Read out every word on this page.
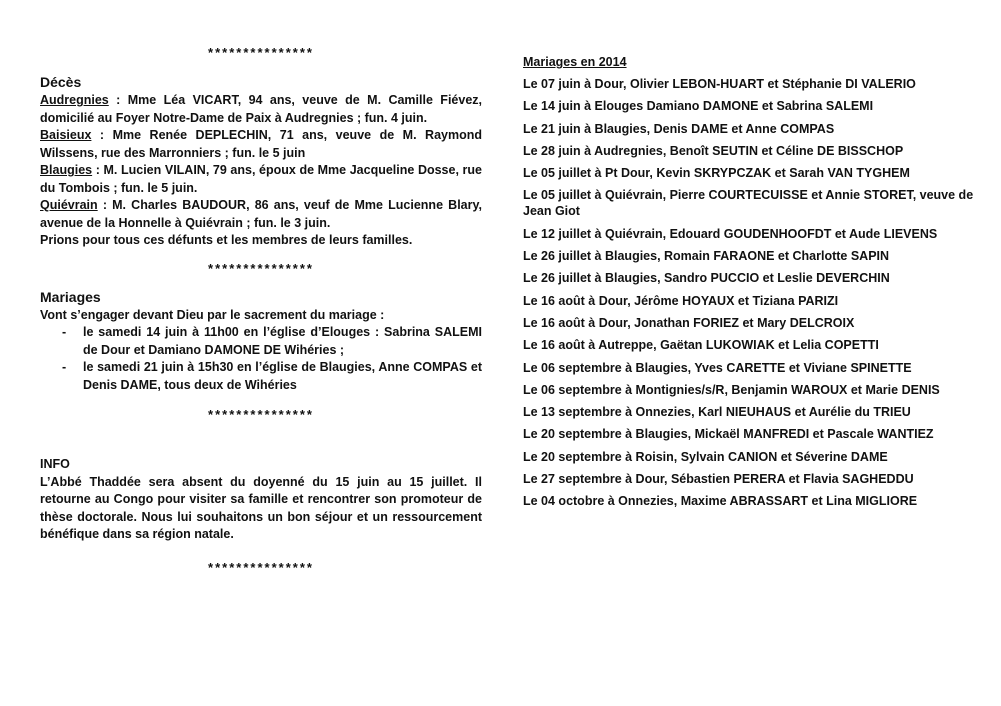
***************
Décès

Audregnies : Mme Léa VICART, 94 ans, veuve de M. Camille Fiévez, domicilié au Foyer Notre-Dame de Paix à Audregnies ; fun. 4 juin.

Baisieux : Mme Renée DEPLECHIN, 71 ans, veuve de M. Raymond Wilssens, rue des Marronniers ; fun. le 5 juin

Blaugies : M. Lucien VILAIN, 79 ans, époux de Mme Jacqueline Dosse, rue du Tombois ; fun. le 5 juin.

Quiévrain : M. Charles BAUDOUR, 86 ans, veuf de Mme Lucienne Blary, avenue de la Honnelle à Quiévrain ; fun. le 3 juin.

Prions pour tous ces défunts et les membres de leurs familles.

***************
Mariages

Vont s’engager devant Dieu par le sacrement du mariage :

- le samedi 14 juin à 11h00 en l’église d’Elouges : Sabrina SALEMI de Dour et Damiano DAMONE DE Wihéries ;
- le samedi 21 juin à 15h30 en l’église de Blaugies, Anne COMPAS et Denis DAME, tous deux de Wihéries
***************
INFO

L’Abbé Thaddée sera absent du doyenné du 15 juin au 15 juillet. Il retourne au Congo pour visiter sa famille et rencontrer son promoteur de thèse doctorale. Nous lui souhaitons un bon séjour et un ressourcement bénéfique dans sa région natale.

***************
Mariages en 2014
Le 07 juin à Dour, Olivier LEBON-HUART et Stéphanie DI VALERIO
Le 14 juin à Elouges Damiano DAMONE et Sabrina SALEMI
Le 21 juin à Blaugies, Denis DAME et Anne COMPAS
Le 28 juin à Audregnies, Benoît SEUTIN et Céline DE BISSCHOP
Le 05 juillet à Pt Dour, Kevin SKRYPCZAK et Sarah VAN TYGHEM
Le 05 juillet à Quiévrain, Pierre COURTECUISSE et Annie STORET, veuve de Jean Giot
Le 12 juillet à Quiévrain, Edouard GOUDENHOOFDT et Aude LIEVENS
Le 26 juillet à Blaugies, Romain FARAONE et Charlotte SAPIN
Le 26 juillet à Blaugies, Sandro PUCCIO et Leslie DEVERCHIN
Le 16 août à Dour, Jérôme HOYAUX et Tiziana PARIZI
Le 16 août à Dour, Jonathan FORIEZ et Mary DELCROIX
Le 16 août à Autreppe, Gaëtan LUKOWIAK et Lelia COPETTI
Le 06 septembre à Blaugies, Yves CARETTE et Viviane SPINETTE
Le 06 septembre à Montignies/s/R, Benjamin WAROUX et Marie DENIS
Le 13 septembre à Onnezies, Karl NIEUHAUS et Aurélie du TRIEU
Le 20 septembre à Blaugies, Mickaël MANFREDI et Pascale WANTIEZ
Le 20 septembre à Roisin, Sylvain CANION et Séverine DAME
Le 27 septembre à Dour, Sébastien PERERA et Flavia SAGHEDDU
Le 04 octobre à Onnezies, Maxime ABRASSART et Lina MIGLIORE
